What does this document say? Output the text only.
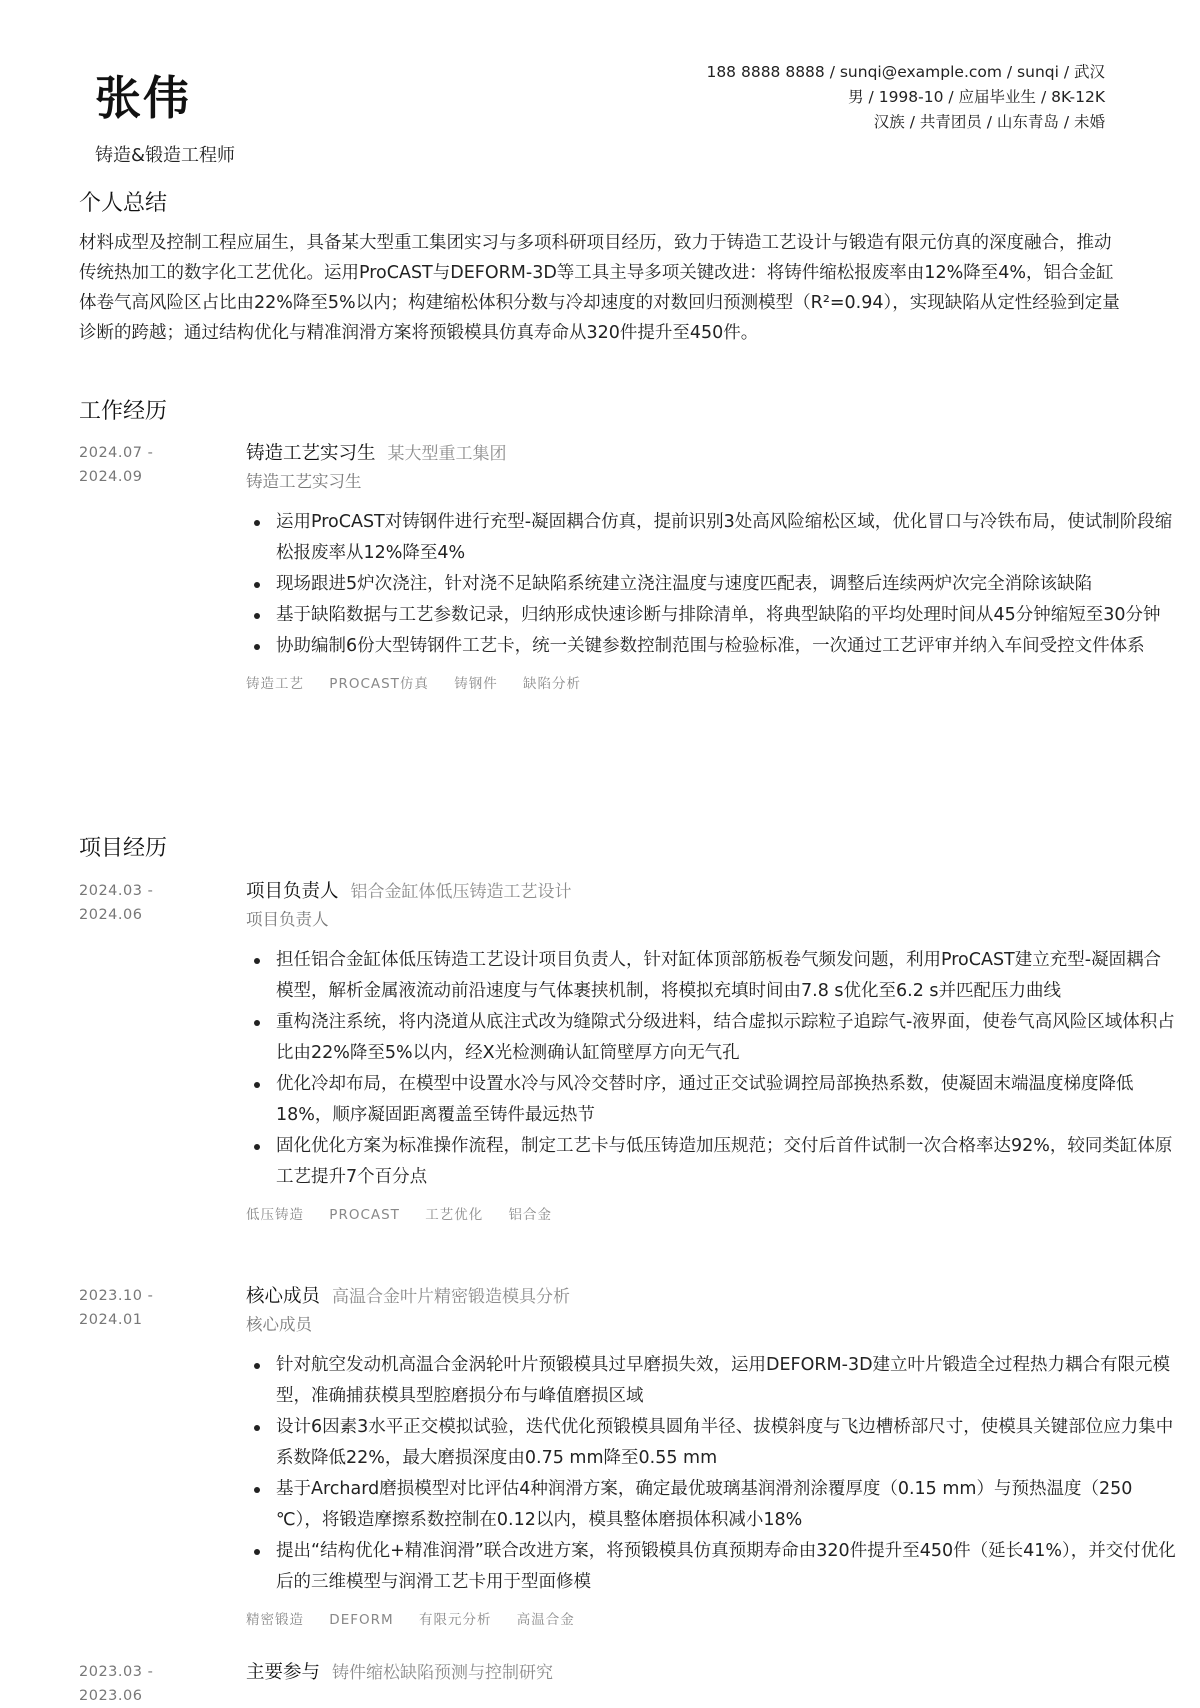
张伟
铸造&锻造工程师
188 8888 8888 / sunqi@example.com / sunqi / 武汉
男 / 1998-10 / 应届毕业生 / 8K-12K
汉族 / 共青团员 / 山东青岛 / 未婚
个人总结

材料成型及控制工程应届生，具备某大型重工集团实习与多项科研项目经历，致力于铸造工艺设计与锻造有限元仿真的深度融合，推动传统热加工的数字化工艺优化。运用ProCAST与DEFORM-3D等工具主导多项关键改进：将铸件缩松报废率由12%降至4%，铝合金缸体卷气高风险区占比由22%降至5%以内；构建缩松体积分数与冷却速度的对数回归预测模型（R²=0.94），实现缺陷从定性经验到定量诊断的跨越；通过结构优化与精准润滑方案将预锻模具仿真寿命从320件提升至450件。

工作经历
2024.07 -
2024.09
铸造工艺实习生 某大型重工集团
铸造工艺实习生
运用ProCAST对铸钢件进行充型-凝固耦合仿真，提前识别3处高风险缩松区域，优化冒口与冷铁布局，使试制阶段缩松报废率从12%降至4%
现场跟进5炉次浇注，针对浇不足缺陷系统建立浇注温度与速度匹配表，调整后连续两炉次完全消除该缺陷
基于缺陷数据与工艺参数记录，归纳形成快速诊断与排除清单，将典型缺陷的平均处理时间从45分钟缩短至30分钟
协助编制6份大型铸钢件工艺卡，统一关键参数控制范围与检验标准，一次通过工艺评审并纳入车间受控文件体系
铸造工艺 PROCAST仿真 铸钢件 缺陷分析
项目经历
2024.03 -
2024.06
项目负责人 铝合金缸体低压铸造工艺设计
项目负责人
担任铝合金缸体低压铸造工艺设计项目负责人，针对缸体顶部筋板卷气频发问题，利用ProCAST建立充型-凝固耦合模型，解析金属液流动前沿速度与气体裹挟机制，将模拟充填时间由7.8 s优化至6.2 s并匹配压力曲线
重构浇注系统，将内浇道从底注式改为缝隙式分级进料，结合虚拟示踪粒子追踪气-液界面，使卷气高风险区域体积占比由22%降至5%以内，经X光检测确认缸筒壁厚方向无气孔
优化冷却布局，在模型中设置水冷与风冷交替时序，通过正交试验调控局部换热系数，使凝固末端温度梯度降低18%，顺序凝固距离覆盖至铸件最远热节
固化优化方案为标准操作流程，制定工艺卡与低压铸造加压规范；交付后首件试制一次合格率达92%，较同类缸体原工艺提升7个百分点
低压铸造 PROCAST 工艺优化 铝合金
2023.10 -
2024.01
核心成员 高温合金叶片精密锻造模具分析
核心成员
针对航空发动机高温合金涡轮叶片预锻模具过早磨损失效，运用DEFORM-3D建立叶片锻造全过程热力耦合有限元模型，准确捕获模具型腔磨损分布与峰值磨损区域
设计6因素3水平正交模拟试验，迭代优化预锻模具圆角半径、拔模斜度与飞边槽桥部尺寸，使模具关键部位应力集中系数降低22%，最大磨损深度由0.75 mm降至0.55 mm
基于Archard磨损模型对比评估4种润滑方案，确定最优玻璃基润滑剂涂覆厚度（0.15 mm）与预热温度（250 ℃），将锻造摩擦系数控制在0.12以内，模具整体磨损体积减小18%
提出“结构优化+精准润滑”联合改进方案，将预锻模具仿真预期寿命由320件提升至450件（延长41%），并交付优化后的三维模型与润滑工艺卡用于型面修模
精密锻造 DEFORM 有限元分析 高温合金
2023.03 -
2023.06
主要参与 铸件缩松缺陷预测与控制研究
